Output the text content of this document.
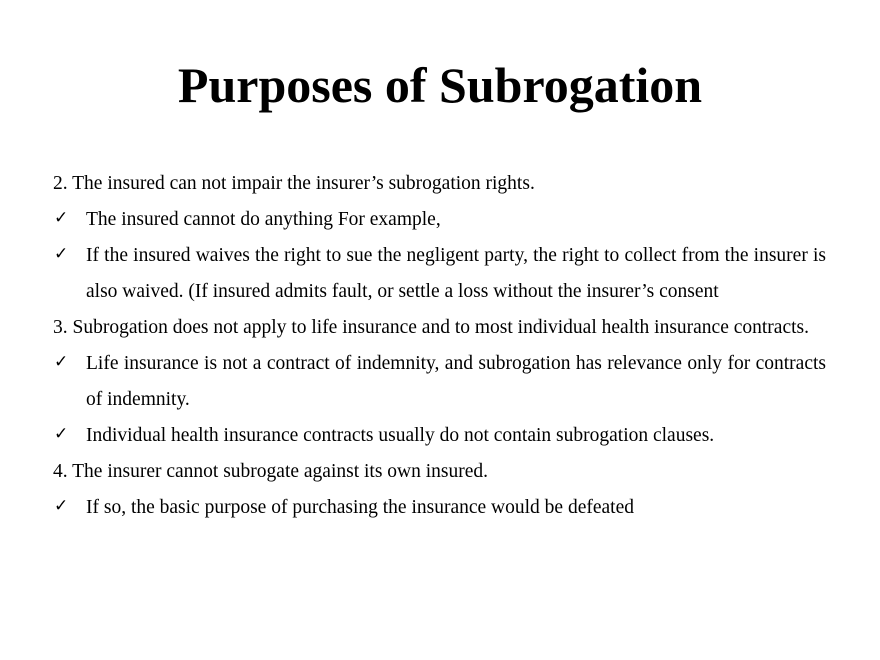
Purposes of Subrogation

2. The insured can not impair the insurer’s subrogation rights.

✓ The insured cannot do anything For example,

✓ If the insured waives the right to sue the negligent party, the right to collect from the insurer is also waived. (If insured admits fault, or settle a loss without the insurer’s consent

3. Subrogation does not apply to life insurance and to most individual health insurance contracts.

✓ Life insurance is not a contract of indemnity, and subrogation has relevance only for contracts of indemnity.

✓ Individual health insurance contracts usually do not contain subrogation clauses.

4. The insurer cannot subrogate against its own insured.

✓ If so, the basic purpose of purchasing the insurance would be defeated
